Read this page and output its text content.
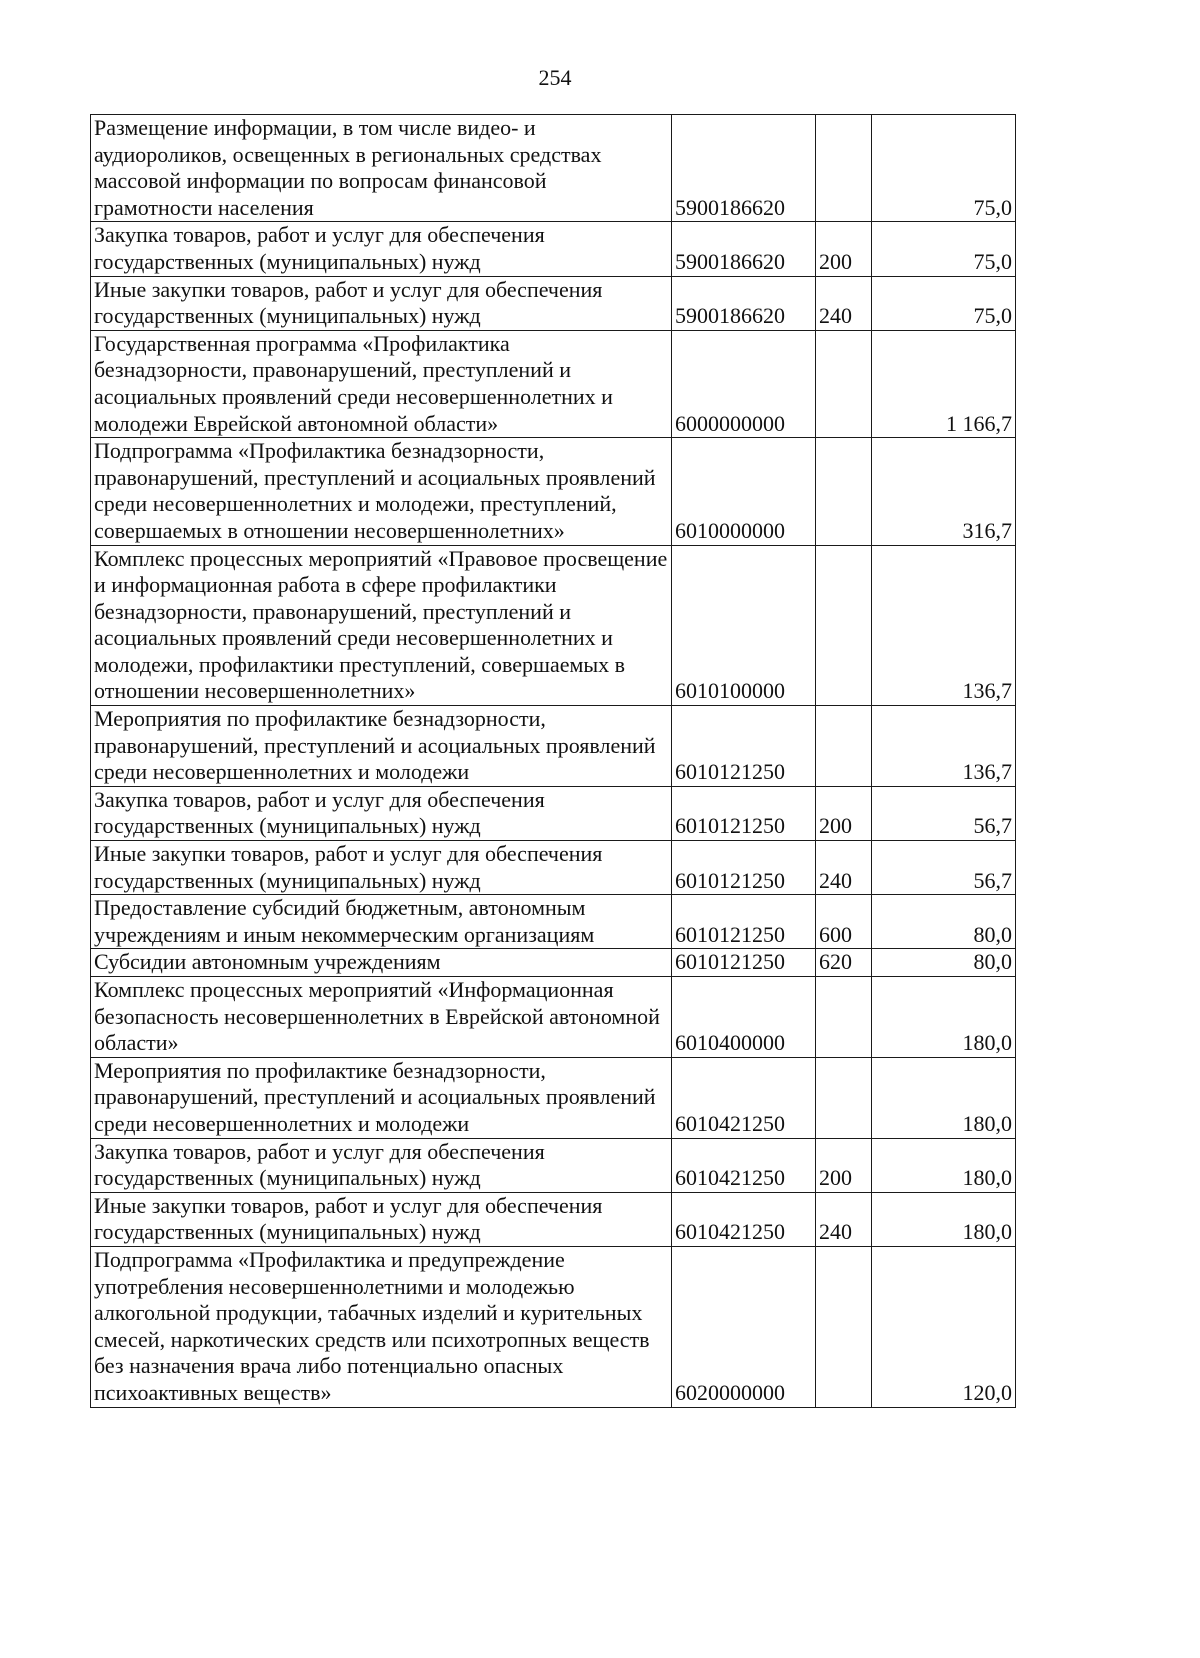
254
Размещение информации, в том числе видео- и аудиороликов, освещенных в региональных средствах массовой информации по вопросам финансовой грамотности населения	5900186620		75,0
Закупка товаров, работ и услуг для обеспечения государственных (муниципальных) нужд	5900186620	200	75,0
Иные закупки товаров, работ и услуг для обеспечения государственных (муниципальных) нужд	5900186620	240	75,0
Государственная программа «Профилактика безнадзорности, правонарушений, преступлений и асоциальных проявлений среди несовершеннолетних и молодежи Еврейской автономной области»	6000000000		1 166,7
Подпрограмма «Профилактика безнадзорности, правонарушений, преступлений и асоциальных проявлений среди несовершеннолетних и молодежи, преступлений, совершаемых в отношении несовершеннолетних»	6010000000		316,7
Комплекс процессных мероприятий «Правовое просвещение и информационная работа в сфере профилактики безнадзорности, правонарушений, преступлений и асоциальных проявлений среди несовершеннолетних и молодежи, профилактики преступлений, совершаемых в отношении несовершеннолетних»	6010100000		136,7
Мероприятия по профилактике безнадзорности, правонарушений, преступлений и асоциальных проявлений среди несовершеннолетних и молодежи	6010121250		136,7
Закупка товаров, работ и услуг для обеспечения государственных (муниципальных) нужд	6010121250	200	56,7
Иные закупки товаров, работ и услуг для обеспечения государственных (муниципальных) нужд	6010121250	240	56,7
Предоставление субсидий бюджетным, автономным учреждениям и иным некоммерческим организациям	6010121250	600	80,0
Субсидии автономным учреждениям	6010121250	620	80,0
Комплекс процессных мероприятий «Информационная безопасность несовершеннолетних в Еврейской автономной области»	6010400000		180,0
Мероприятия по профилактике безнадзорности, правонарушений, преступлений и асоциальных проявлений среди несовершеннолетних и молодежи	6010421250		180,0
Закупка товаров, работ и услуг для обеспечения государственных (муниципальных) нужд	6010421250	200	180,0
Иные закупки товаров, работ и услуг для обеспечения государственных (муниципальных) нужд	6010421250	240	180,0
Подпрограмма «Профилактика и предупреждение употребления несовершеннолетними и молодежью алкогольной продукции, табачных изделий и курительных смесей, наркотических средств или психотропных веществ без назначения врача либо потенциально опасных психоактивных веществ»	6020000000		120,0
